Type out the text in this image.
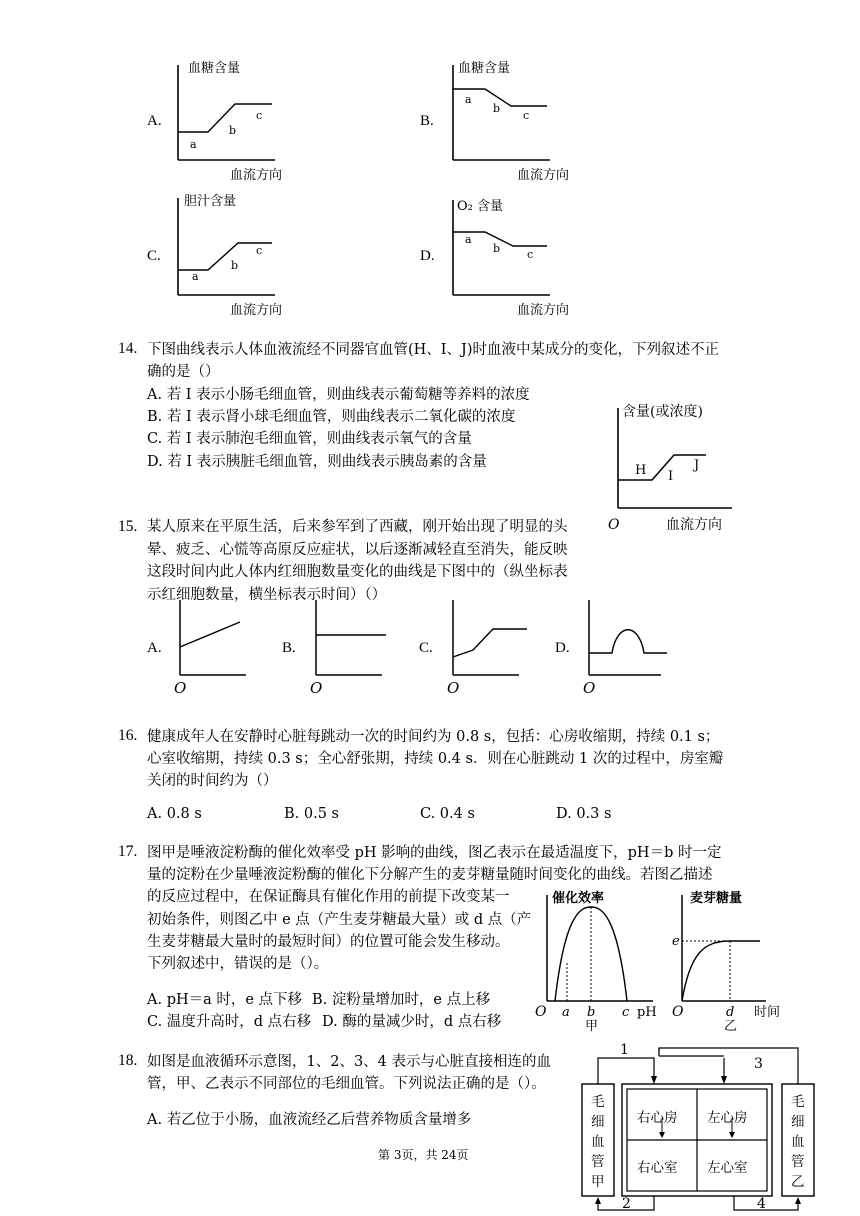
A.
血糖含量
血流方向
a
b
c	B.
血糖含量
血流方向
a
b
c
C.
胆汁含量
血流方向
a
b
c	D.
O₂ 含量
血流方向
a
b c
14. 下图曲线表示人体血液流经不同器官血管(H、I、J)时血液中某成分的变化，下列叙述不正
确的是（）
A. 若 I 表示小肠毛细血管，则曲线表示葡萄糖等养料的浓度
B. 若 I 表示肾小球毛细血管，则曲线表示二氧化碳的浓度
C. 若 I 表示肺泡毛细血管，则曲线表示氧气的含量
D. 若 I 表示胰脏毛细血管，则曲线表示胰岛素的含量
含量(或浓度)
血流方向
O
H I
J
15. 某人原来在平原生活，后来参军到了西藏，刚开始出现了明显的头
晕、疲乏、心慌等高原反应症状，以后逐渐减轻直至消失，能反映
这段时间内此人体内红细胞数量变化的曲线是下图中的（纵坐标表
示红细胞数量，横坐标表示时间）（）
A.
O
B.
O
C.
O
D.
O
16. 健康成年人在安静时心脏每跳动一次的时间约为 0.8 s，包括：心房收缩期，持续 0.1 s；
心室收缩期，持续 0.3 s；全心舒张期，持续 0.4 s．则在心脏跳动 1 次的过程中，房室瓣
关闭的时间约为（）
A. 0.8 s	B. 0.5 s	C. 0.4 s	D. 0.3 s
17. 图甲是唾液淀粉酶的催化效率受 pH 影响的曲线，图乙表示在最适温度下，pH＝b 时一定
量的淀粉在少量唾液淀粉酶的催化下分解产生的麦芽糖量随时间变化的曲线。若图乙描述
的反应过程中，在保证酶具有催化作用的前提下改变某一
初始条件，则图乙中 e 点（产生麦芽糖最大量）或 d 点（产
生麦芽糖最大量时的最短时间）的位置可能会发生移动。
下列叙述中，错误的是（）。
A. pH＝a 时，e 点下移 B. 淀粉量增加时，e 点上移
C. 温度升高时，d 点右移 D. 酶的量减少时，d 点右移
催化效率
O a b c pH
甲
麦芽糖量
e
O	d 时间
乙
18. 如图是血液循环示意图，1、2、3、4 表示与心脏直接相连的血
管，甲、乙表示不同部位的毛细血管。下列说法正确的是（）。
A. 若乙位于小肠，血液流经乙后营养物质含量增多
1
2
3
4
右心房 左心房
右心室 左心室
毛
细
血
管
甲
毛
细
血
管
乙
第 3页，共 24页
